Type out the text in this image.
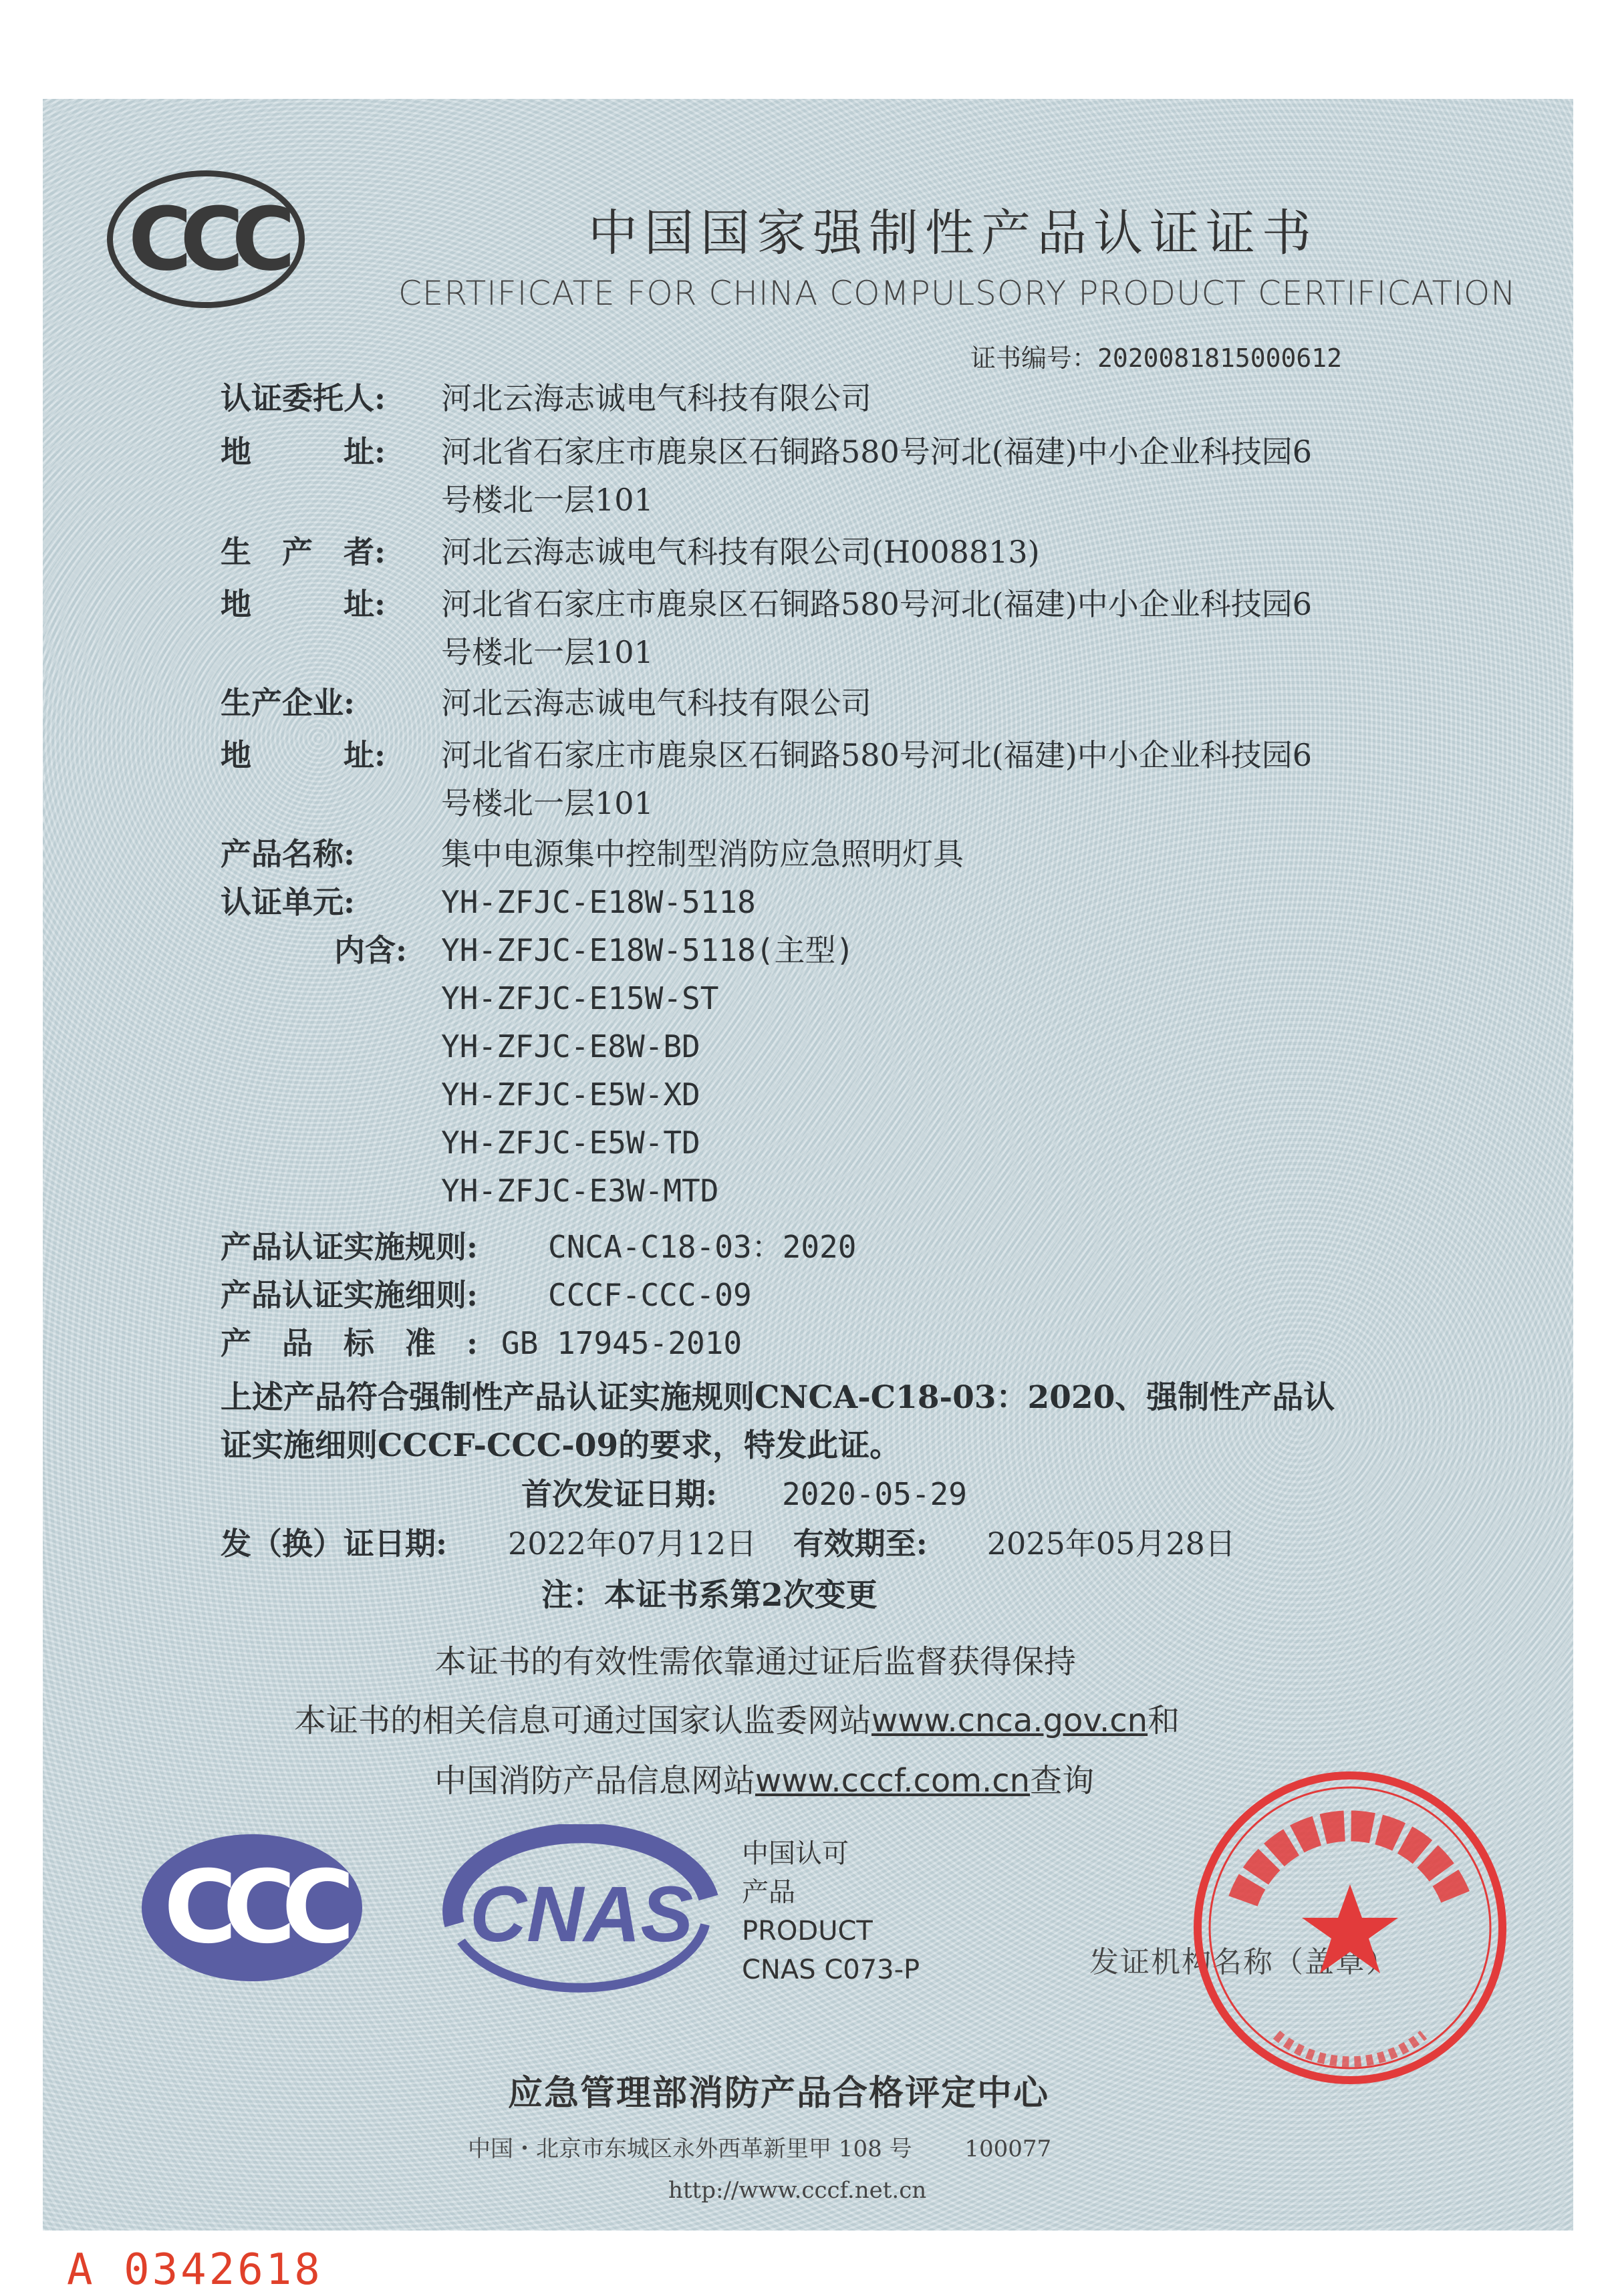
CCC	中国国家强制性产品认证证书
CERTIFICATE FOR CHINA COMPULSORY PRODUCT CERTIFICATION
证书编号：2020081815000612
认证委托人: 河北云海志诚电气科技有限公司
地　　　址: 河北省石家庄市鹿泉区石铜路580号河北(福建)中小企业科技园6
号楼北一层101
生　产　者: 河北云海志诚电气科技有限公司(H008813)
地　　　址: 河北省石家庄市鹿泉区石铜路580号河北(福建)中小企业科技园6
号楼北一层101
生产企业:	河北云海志诚电气科技有限公司
地　　　址: 河北省石家庄市鹿泉区石铜路580号河北(福建)中小企业科技园6
号楼北一层101
产品名称:	集中电源集中控制型消防应急照明灯具
认证单元:	YH-ZFJC-E18W-5118
内含: YH-ZFJC-E18W-5118(主型)
YH-ZFJC-E15W-ST
YH-ZFJC-E8W-BD
YH-ZFJC-E5W-XD
YH-ZFJC-E5W-TD
YH-ZFJC-E3W-MTD
产品认证实施规则: CNCA-C18-03：2020
产品认证实施细则: CCCF-CCC-09
产　品　标　准　: GB 17945-2010
上述产品符合强制性产品认证实施规则CNCA-C18-03：2020、强制性产品认
证实施细则CCCF-CCC-09的要求，特发此证。
首次发证日期: 2020-05-29
发（换）证日期: 2022年07月12日 有效期至: 2025年05月28日
注：本证书系第2次变更
本证书的有效性需依靠通过证后监督获得保持
本证书的相关信息可通过国家认监委网站www.cnca.gov.cn和
中国消防产品信息网站www.cccf.com.cn查询
CCC CNAS
中国认可
产品
PRODUCT
CNAS C073-P	发证机构名称（盖章）
应急管理部消防产品合格评定中心
中国・北京市东城区永外西革新里甲 108 号　　 100077
http://www.cccf.net.cn
A 0342618
